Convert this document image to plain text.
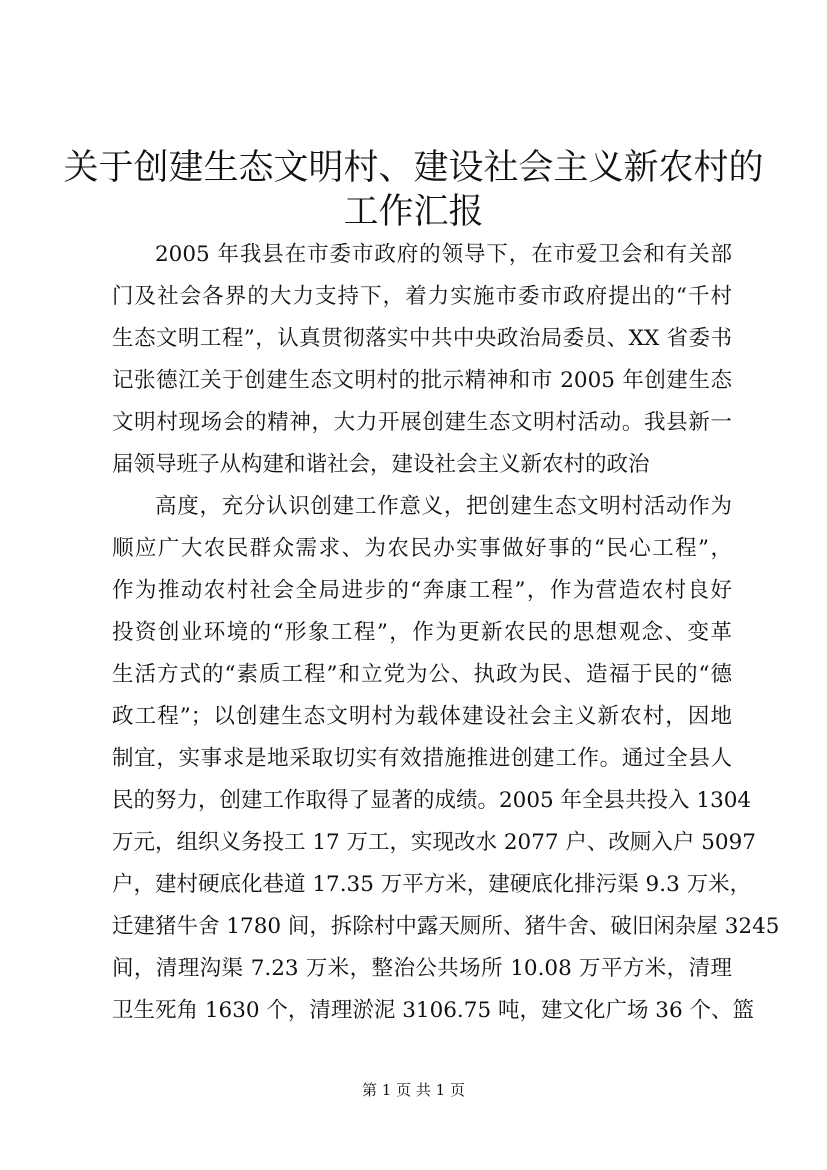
关于创建生态文明村、建设社会主义新农村的
工作汇报
2005 年我县在市委市政府的领导下，在市爱卫会和有关部
门及社会各界的大力支持下，着力实施市委市政府提出的“千村
生态文明工程”，认真贯彻落实中共中央政治局委员、XX 省委书
记张德江关于创建生态文明村的批示精神和市 2005 年创建生态
文明村现场会的精神，大力开展创建生态文明村活动。我县新一
届领导班子从构建和谐社会，建设社会主义新农村的政治
高度，充分认识创建工作意义，把创建生态文明村活动作为
顺应广大农民群众需求、为农民办实事做好事的“民心工程”，
作为推动农村社会全局进步的“奔康工程”，作为营造农村良好
投资创业环境的“形象工程”，作为更新农民的思想观念、变革
生活方式的“素质工程”和立党为公、执政为民、造福于民的“德
政工程”；以创建生态文明村为载体建设社会主义新农村，因地
制宜，实事求是地采取切实有效措施推进创建工作。通过全县人
民的努力，创建工作取得了显著的成绩。2005 年全县共投入 1304
万元，组织义务投工 17 万工，实现改水 2077 户、改厕入户 5097
户，建村硬底化巷道 17.35 万平方米，建硬底化排污渠 9.3 万米，
迁建猪牛舍 1780 间，拆除村中露天厕所、猪牛舍、破旧闲杂屋 3245
间，清理沟渠 7.23 万米，整治公共场所 10.08 万平方米，清理
卫生死角 1630 个，清理淤泥 3106.75 吨，建文化广场 36 个、篮
第 1 页 共 1 页
